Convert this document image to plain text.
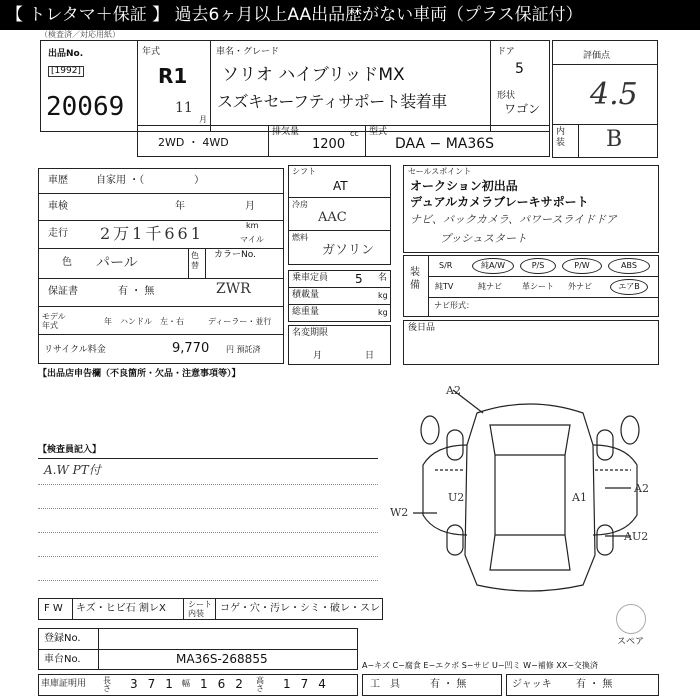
【 トレタマ＋保証 】 過去6ヶ月以上AA出品歴がない車両（プラス保証付）
（検査済／対応用紙）
出品No.
[1992]
20069
年式
R1
11
月
車名・グレード
ソリオ ハイブリッドMX
スズキセーフティサポート装着車
ドア
5
形状
ワゴン
評価点
4.5
内装 B
2WD ・ 4WD
排気量
1200
cc 型式
DAA − MA36S
車歴	自家用 ・（　　　　　）
車検	年	月
走行 2万1千661	km
マイル
色 パール	色替
カラーNo.
保証書	有 ・ 無	ZWR
モデル年式	年 ハンドル　左・右	ディーラー・並行
リサイクル料金	9,770 円 預託済
シフト
AT
冷房
AAC
燃料
ガソリン
乗車定員 5 名
積載量	kg
総重量	kg
名変期限
月	日
セールスポイント
オークション初出品
デュアルカメラブレーキサポート
ナビ、バックカメラ、パワースライドドア
プッシュスタート
装備
S/R	純A/W	P/S	P/W	ABS
純TV	純ナビ	革シート 外ナビ	エアB
ナビ形式：
後日品
【出品店申告欄（不良箇所・欠品・注意事項等）】
【検査員記入】
A.W PT付
A2
A2
AU2
W2
U2	A1
F W キズ・ヒビ石 割レX	シート内装	コゲ・穴・汚レ・シミ・破レ・スレ
スペア
登録No.
車台No.	MA36S-268855	A−キズ C−腐食 E−エクボ S−サビ U−凹ミ W−補修 XX−交換済
車庫証明用 長さ 371 幅 162 高さ 174	工　具	有 ・ 無	ジャッキ 有 ・ 無
